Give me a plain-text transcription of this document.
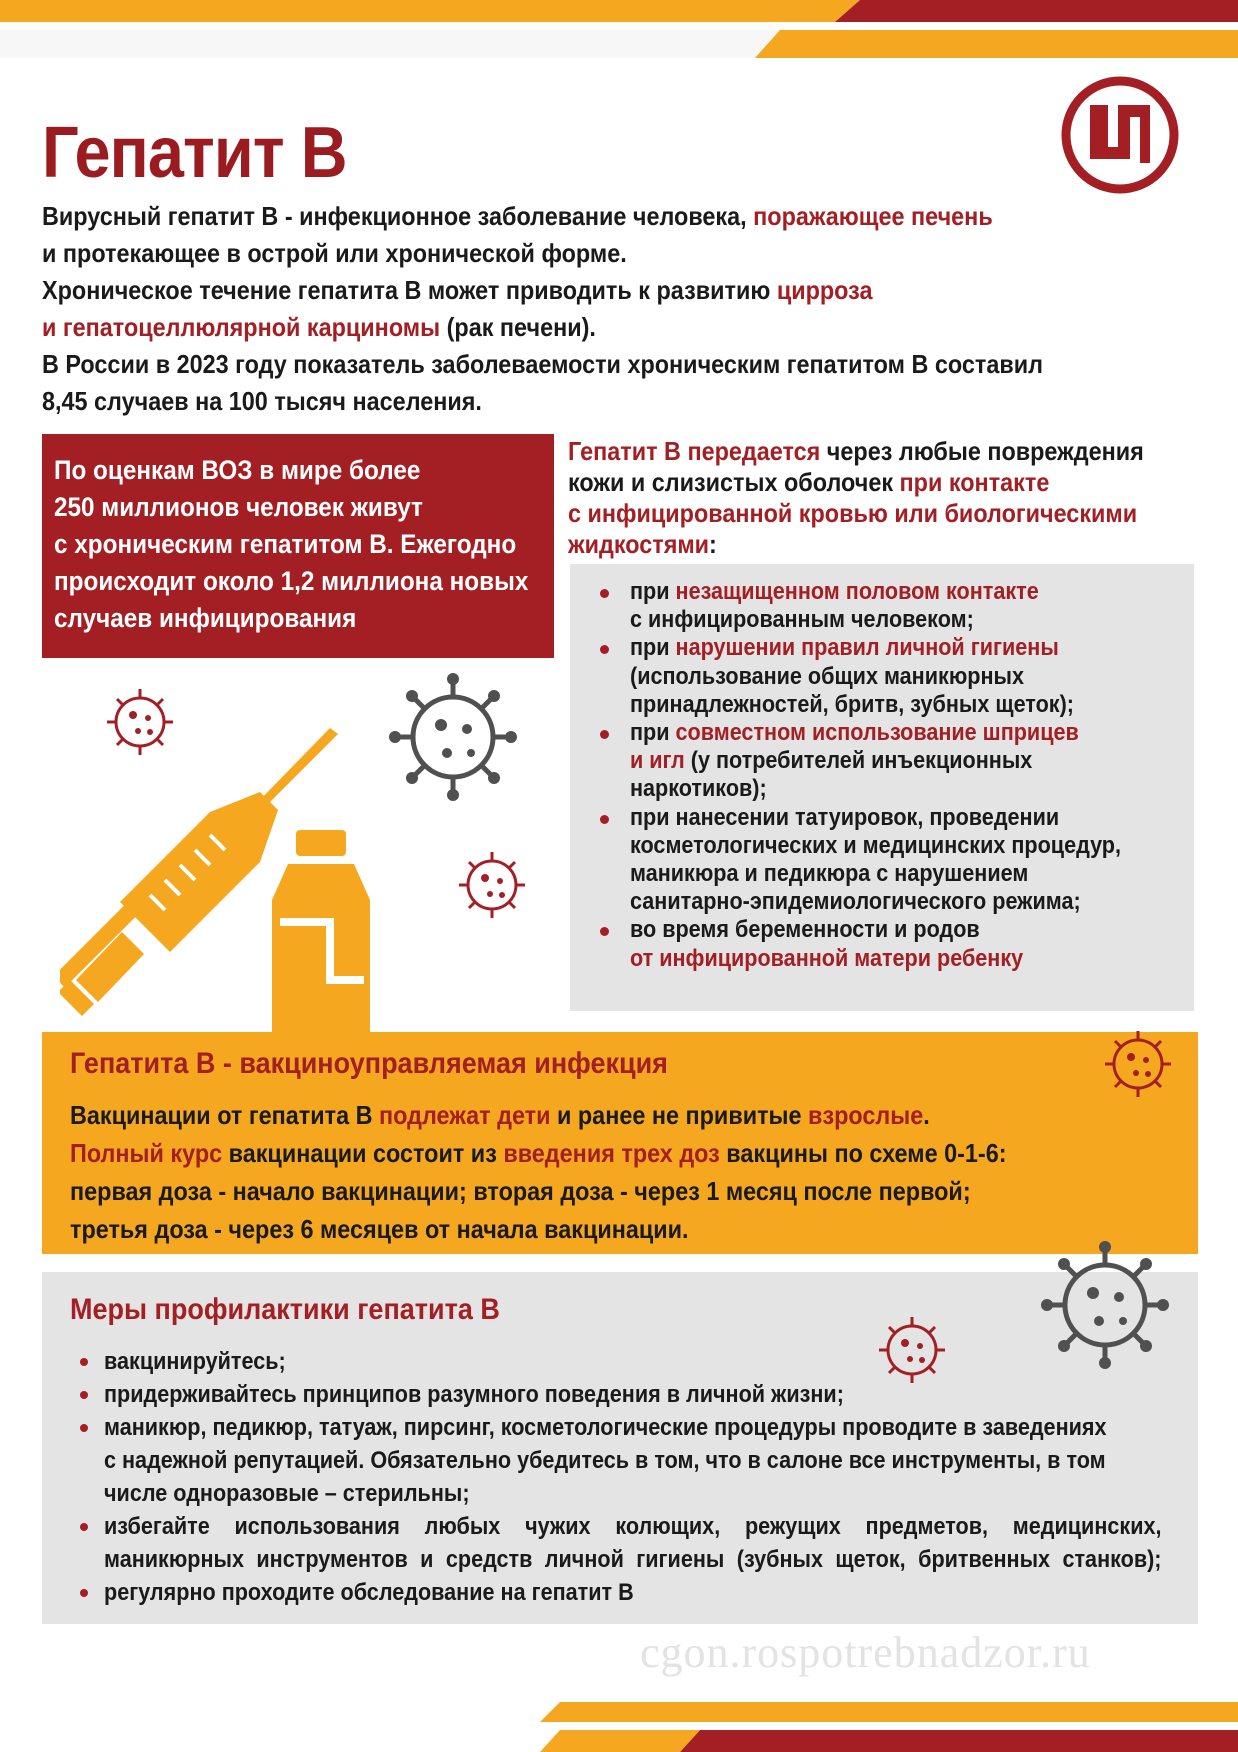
Гепатит В

Вирусный гепатит В - инфекционное заболевание человека, поражающее печень

и протекающее в острой или хронической форме.

Хроническое течение гепатита В может приводить к развитию цирроза

и гепатоцеллюлярной карциномы (рак печени).

В России в 2023 году показатель заболеваемости хроническим гепатитом В составил

8,45 случаев на 100 тысяч населения.

По оценкам ВОЗ в мире более
250 миллионов человек живут
с хроническим гепатитом В. Ежегодно
происходит около 1,2 миллиона новых
случаев инфицирования
Гепатит В передается через любые повреждения
кожи и слизистых оболочек при контакте
с инфицированной кровью или биологическими
жидкостями:
при незащищенном половом контакте
с инфицированным человеком;
при нарушении правил личной гигиены
(использование общих маникюрных
принадлежностей, бритв, зубных щеток);
при совместном использование шприцев
и игл (у потребителей инъекционных
наркотиков);
при нанесении татуировок, проведении
косметологических и медицинских процедур,
маникюра и педикюра с нарушением
санитарно-эпидемиологического режима;
во время беременности и родов
от инфицированной матери ребенку
Гепатита В - вакциноуправляемая инфекция

Вакцинации от гепатита В подлежат дети и ранее не привитые взрослые.

Полный курс вакцинации состоит из введения трех доз вакцины по схеме 0-1-6:

первая доза - начало вакцинации; вторая доза - через 1 месяц после первой;

третья доза - через 6 месяцев от начала вакцинации.

Меры профилактики гепатита В
вакцинируйтесь;
придерживайтесь принципов разумного поведения в личной жизни;
маникюр, педикюр, татуаж, пирсинг, косметологические процедуры проводите в заведениях
с надежной репутацией. Обязательно убедитесь в том, что в салоне все инструменты, в том
числе одноразовые – стерильны;
избегайте использования любых чужих колющих, режущих предметов, медицинских,
маникюрных инструментов и средств личной гигиены (зубных щеток, бритвенных станков);
регулярно проходите обследование на гепатит В
cgon.rospotrebnadzor.ru
